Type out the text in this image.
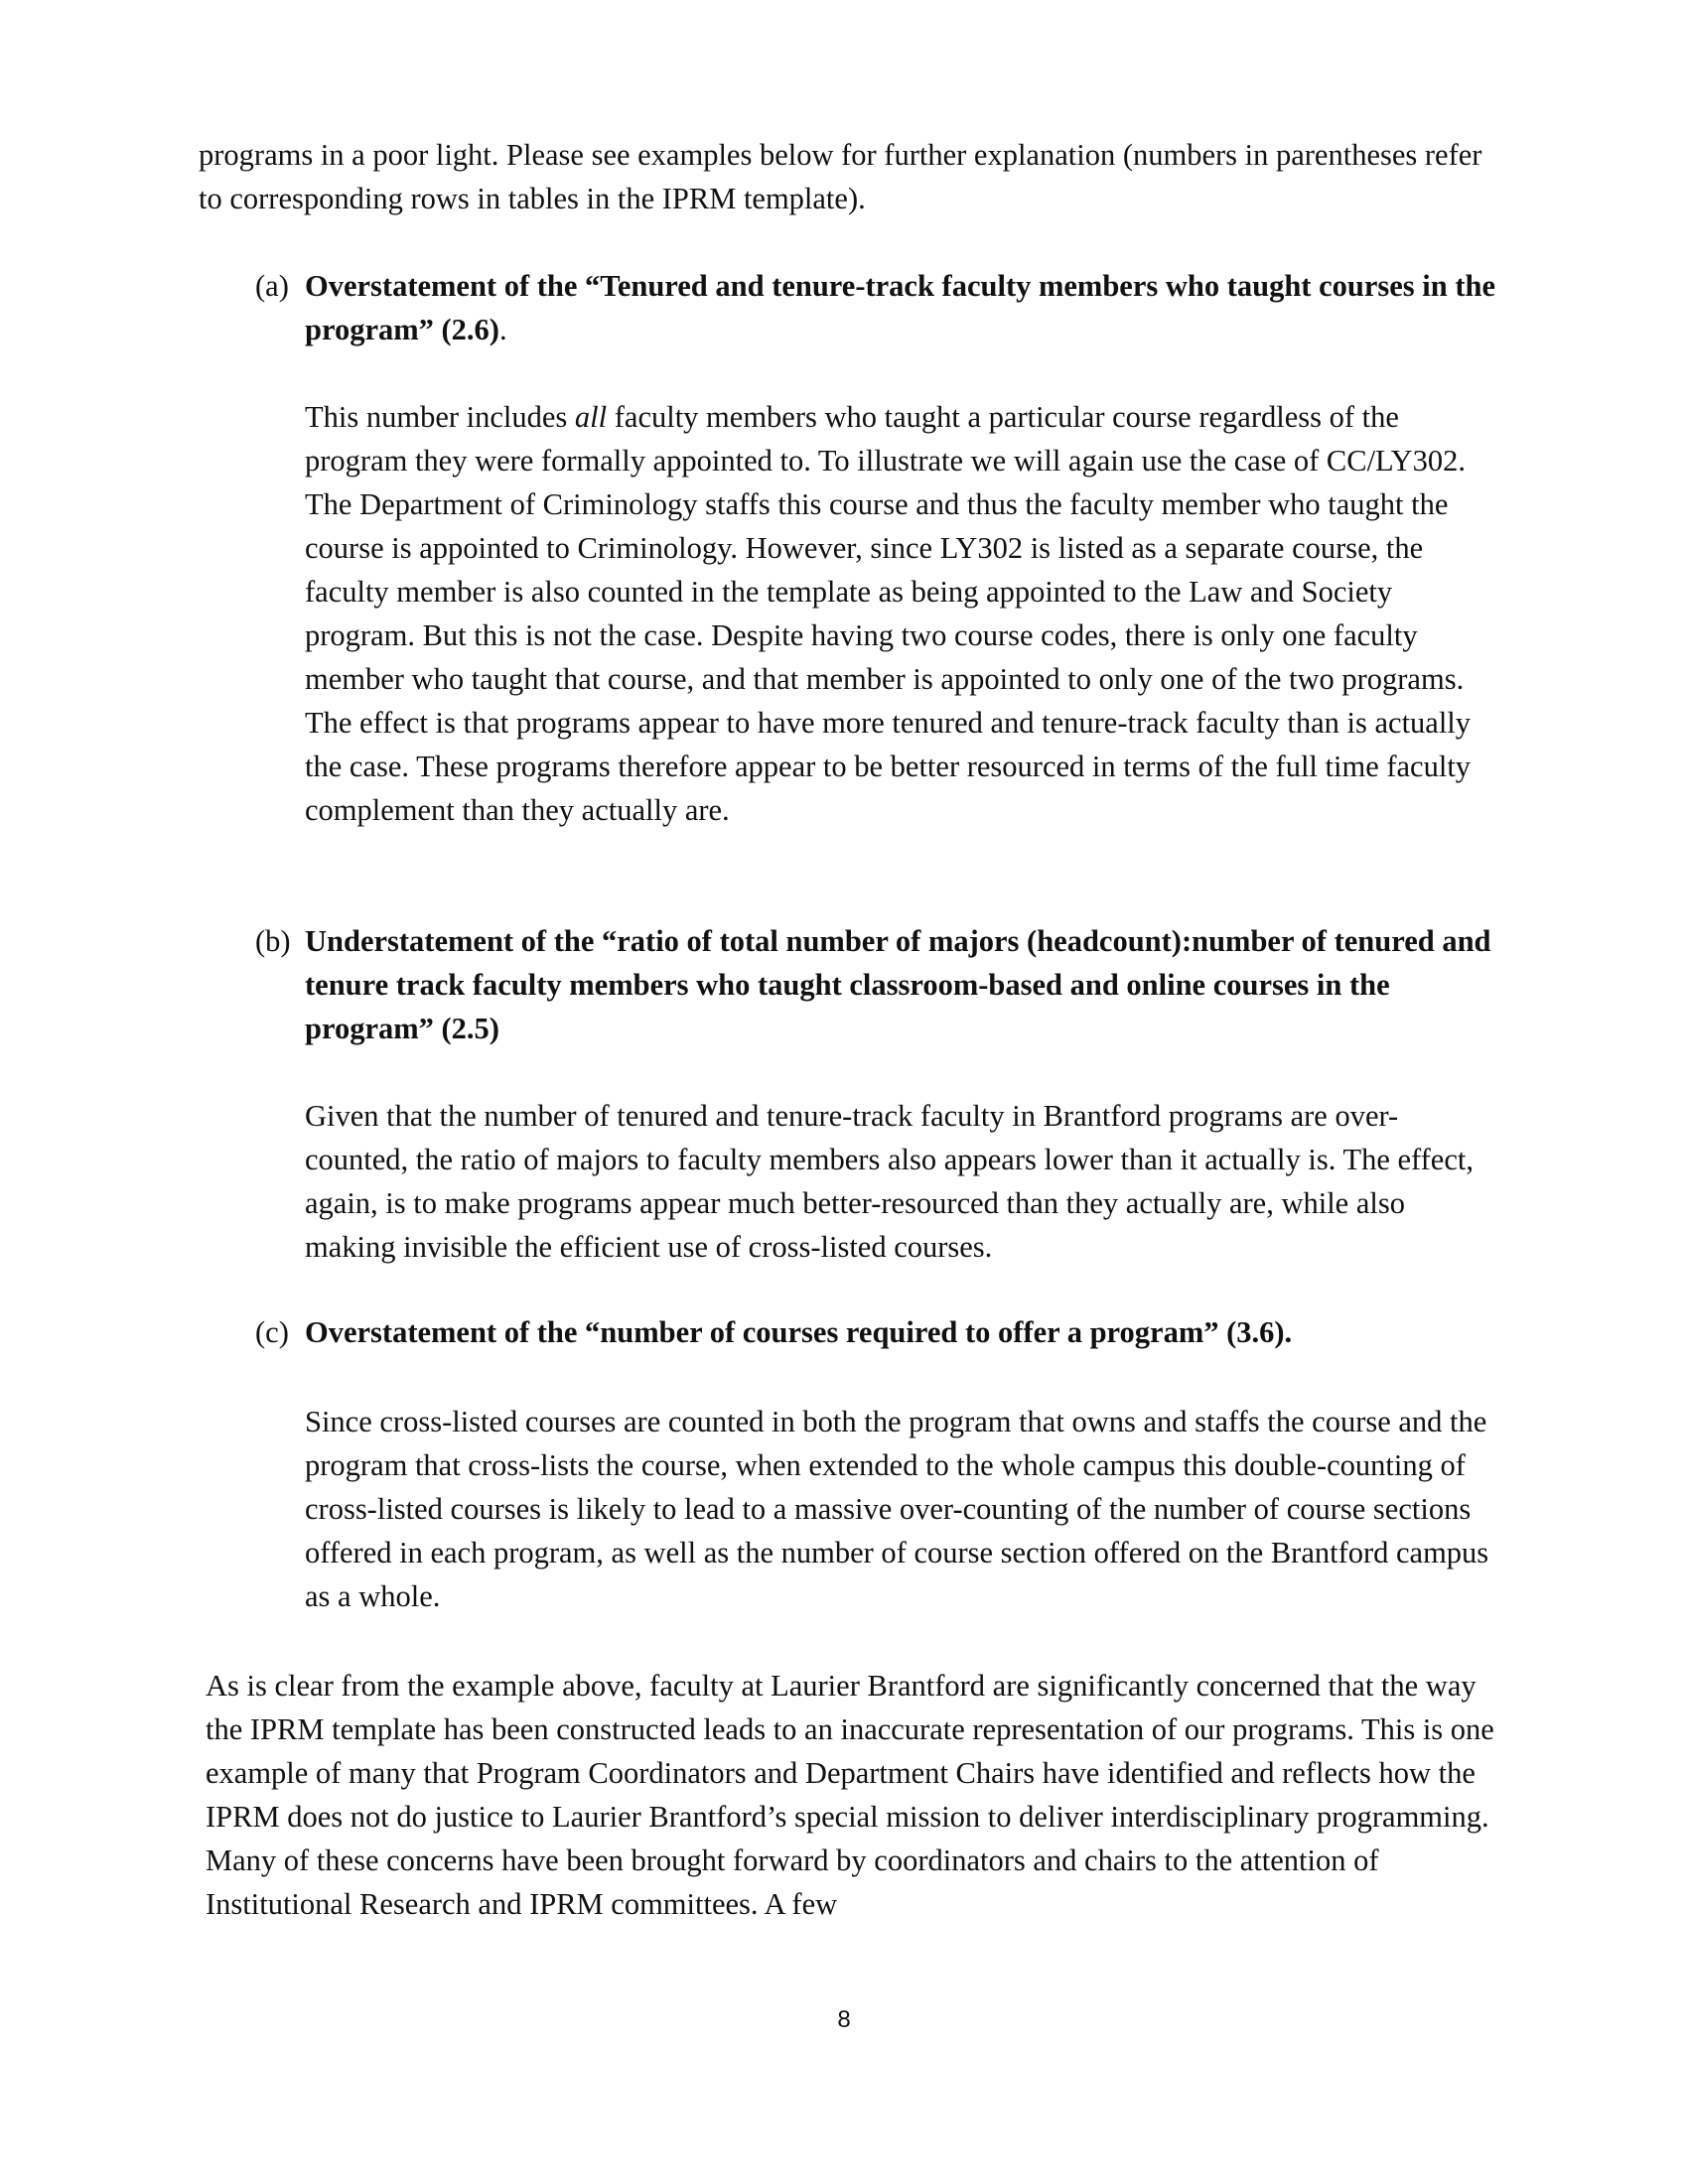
programs in a poor light. Please see examples below for further explanation (numbers in parentheses refer to corresponding rows in tables in the IPRM template).

(a) Overstatement of the “Tenured and tenure-track faculty members who taught courses in the program” (2.6).

This number includes all faculty members who taught a particular course regardless of the program they were formally appointed to. To illustrate we will again use the case of CC/LY302. The Department of Criminology staffs this course and thus the faculty member who taught the course is appointed to Criminology. However, since LY302 is listed as a separate course, the faculty member is also counted in the template as being appointed to the Law and Society program. But this is not the case. Despite having two course codes, there is only one faculty member who taught that course, and that member is appointed to only one of the two programs. The effect is that programs appear to have more tenured and tenure-track faculty than is actually the case. These programs therefore appear to be better resourced in terms of the full time faculty complement than they actually are.

(b) Understatement of the “ratio of total number of majors (headcount):number of tenured and tenure track faculty members who taught classroom-based and online courses in the program” (2.5)

Given that the number of tenured and tenure-track faculty in Brantford programs are over-counted, the ratio of majors to faculty members also appears lower than it actually is. The effect, again, is to make programs appear much better-resourced than they actually are, while also making invisible the efficient use of cross-listed courses.

(c) Overstatement of the “number of courses required to offer a program” (3.6).

Since cross-listed courses are counted in both the program that owns and staffs the course and the program that cross-lists the course, when extended to the whole campus this double-counting of cross-listed courses is likely to lead to a massive over-counting of the number of course sections offered in each program, as well as the number of course section offered on the Brantford campus as a whole.

As is clear from the example above, faculty at Laurier Brantford are significantly concerned that the way the IPRM template has been constructed leads to an inaccurate representation of our programs. This is one example of many that Program Coordinators and Department Chairs have identified and reflects how the IPRM does not do justice to Laurier Brantford’s special mission to deliver interdisciplinary programming. Many of these concerns have been brought forward by coordinators and chairs to the attention of Institutional Research and IPRM committees. A few

8
